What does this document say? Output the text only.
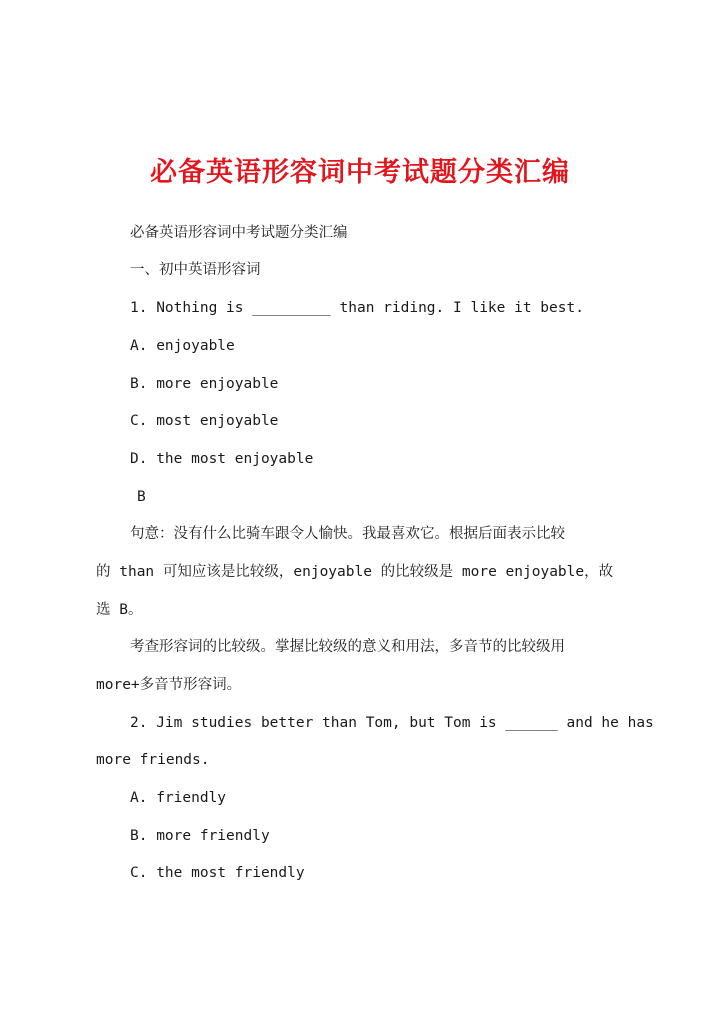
必备英语形容词中考试题分类汇编
必备英语形容词中考试题分类汇编
一、初中英语形容词
1. Nothing is _________ than riding. I like it best.
A. enjoyable
B. more enjoyable
C. most enjoyable
D. the most enjoyable
B
句意：没有什么比骑车跟令人愉快。我最喜欢它。根据后面表示比较
的 than 可知应该是比较级，enjoyable 的比较级是 more enjoyable，故
选 B。
考查形容词的比较级。掌握比较级的意义和用法，多音节的比较级用
more+多音节形容词。
2. Jim studies better than Tom, but Tom is ______ and he has
more friends.
A. friendly
B. more friendly
C. the most friendly
